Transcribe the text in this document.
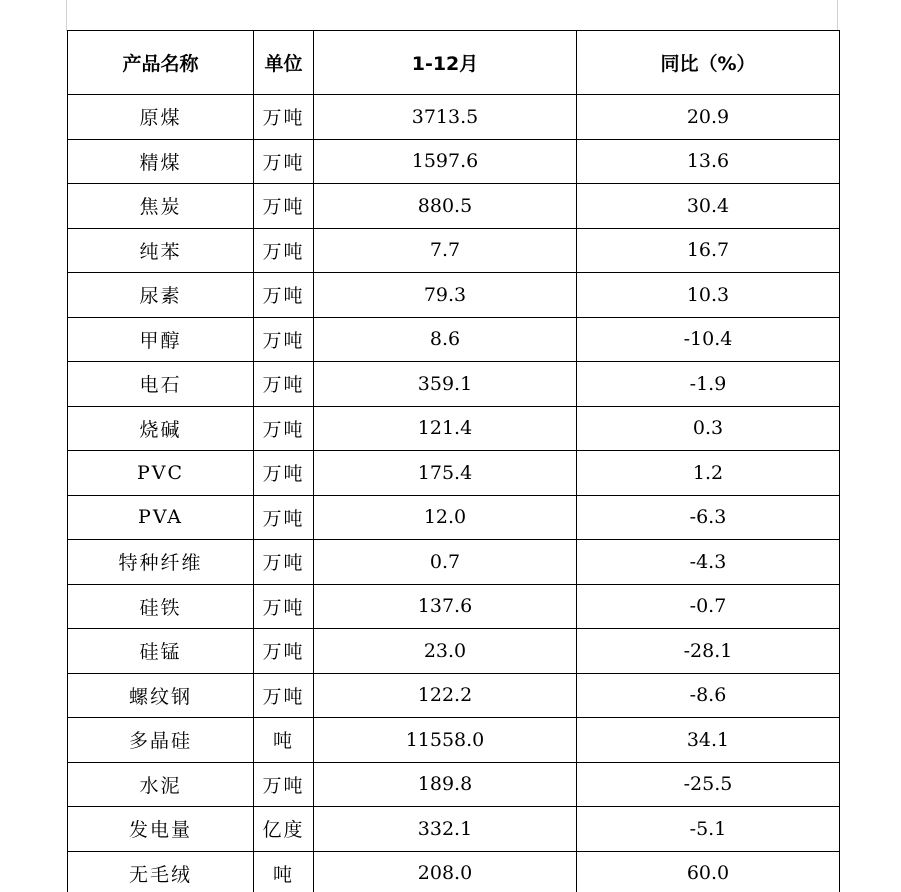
产品名称	单位	1-12月	同比（%）
原煤	万吨	3713.5	20.9
精煤	万吨	1597.6	13.6
焦炭	万吨	880.5	30.4
纯苯	万吨	7.7	16.7
尿素	万吨	79.3	10.3
甲醇	万吨	8.6	-10.4
电石	万吨	359.1	-1.9
烧碱	万吨	121.4	0.3
PVC	万吨	175.4	1.2
PVA	万吨	12.0	-6.3
特种纤维	万吨	0.7	-4.3
硅铁	万吨	137.6	-0.7
硅锰	万吨	23.0	-28.1
螺纹钢	万吨	122.2	-8.6
多晶硅	吨	11558.0	34.1
水泥	万吨	189.8	-25.5
发电量	亿度	332.1	-5.1
无毛绒	吨	208.0	60.0
